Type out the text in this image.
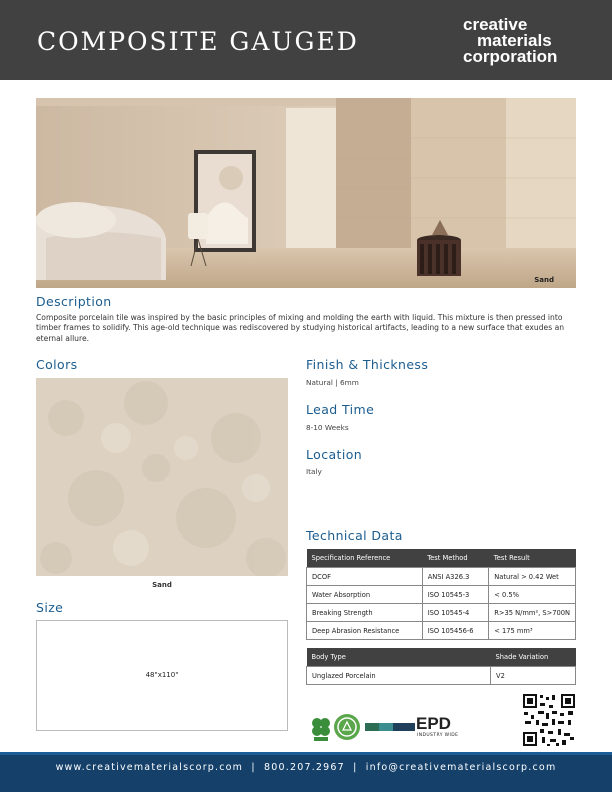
COMPOSITE GAUGED
creative
materials
corporation
Sand
Description
Composite porcelain tile was inspired by the basic principles of mixing and molding the earth with liquid. This mixture is then pressed into timber frames to solidify. This age-old technique was rediscovered by studying historical artifacts, leading to a new surface that exudes an eternal allure.
Colors
Sand
Size
48"x110"
Finish & Thickness
Natural | 6mm
Lead Time
8-10 Weeks
Location
Italy
Technical Data
Specification Reference	Test Method	Test Result
DCOF	ANSI A326.3	Natural > 0.42 Wet
Water Absorption	ISO 10545-3	< 0.5%
Breaking Strength	ISO 10545-4	R>35 N/mm², S>700N
Deep Abrasion Resistance	ISO 105456-6	< 175 mm³
Body Type	Shade Variation
Unglazed Porcelain	V2
EPD
INDUSTRY WIDE
www.creativematerialscorp.com | 800.207.2967 | info@creativematerialscorp.com
